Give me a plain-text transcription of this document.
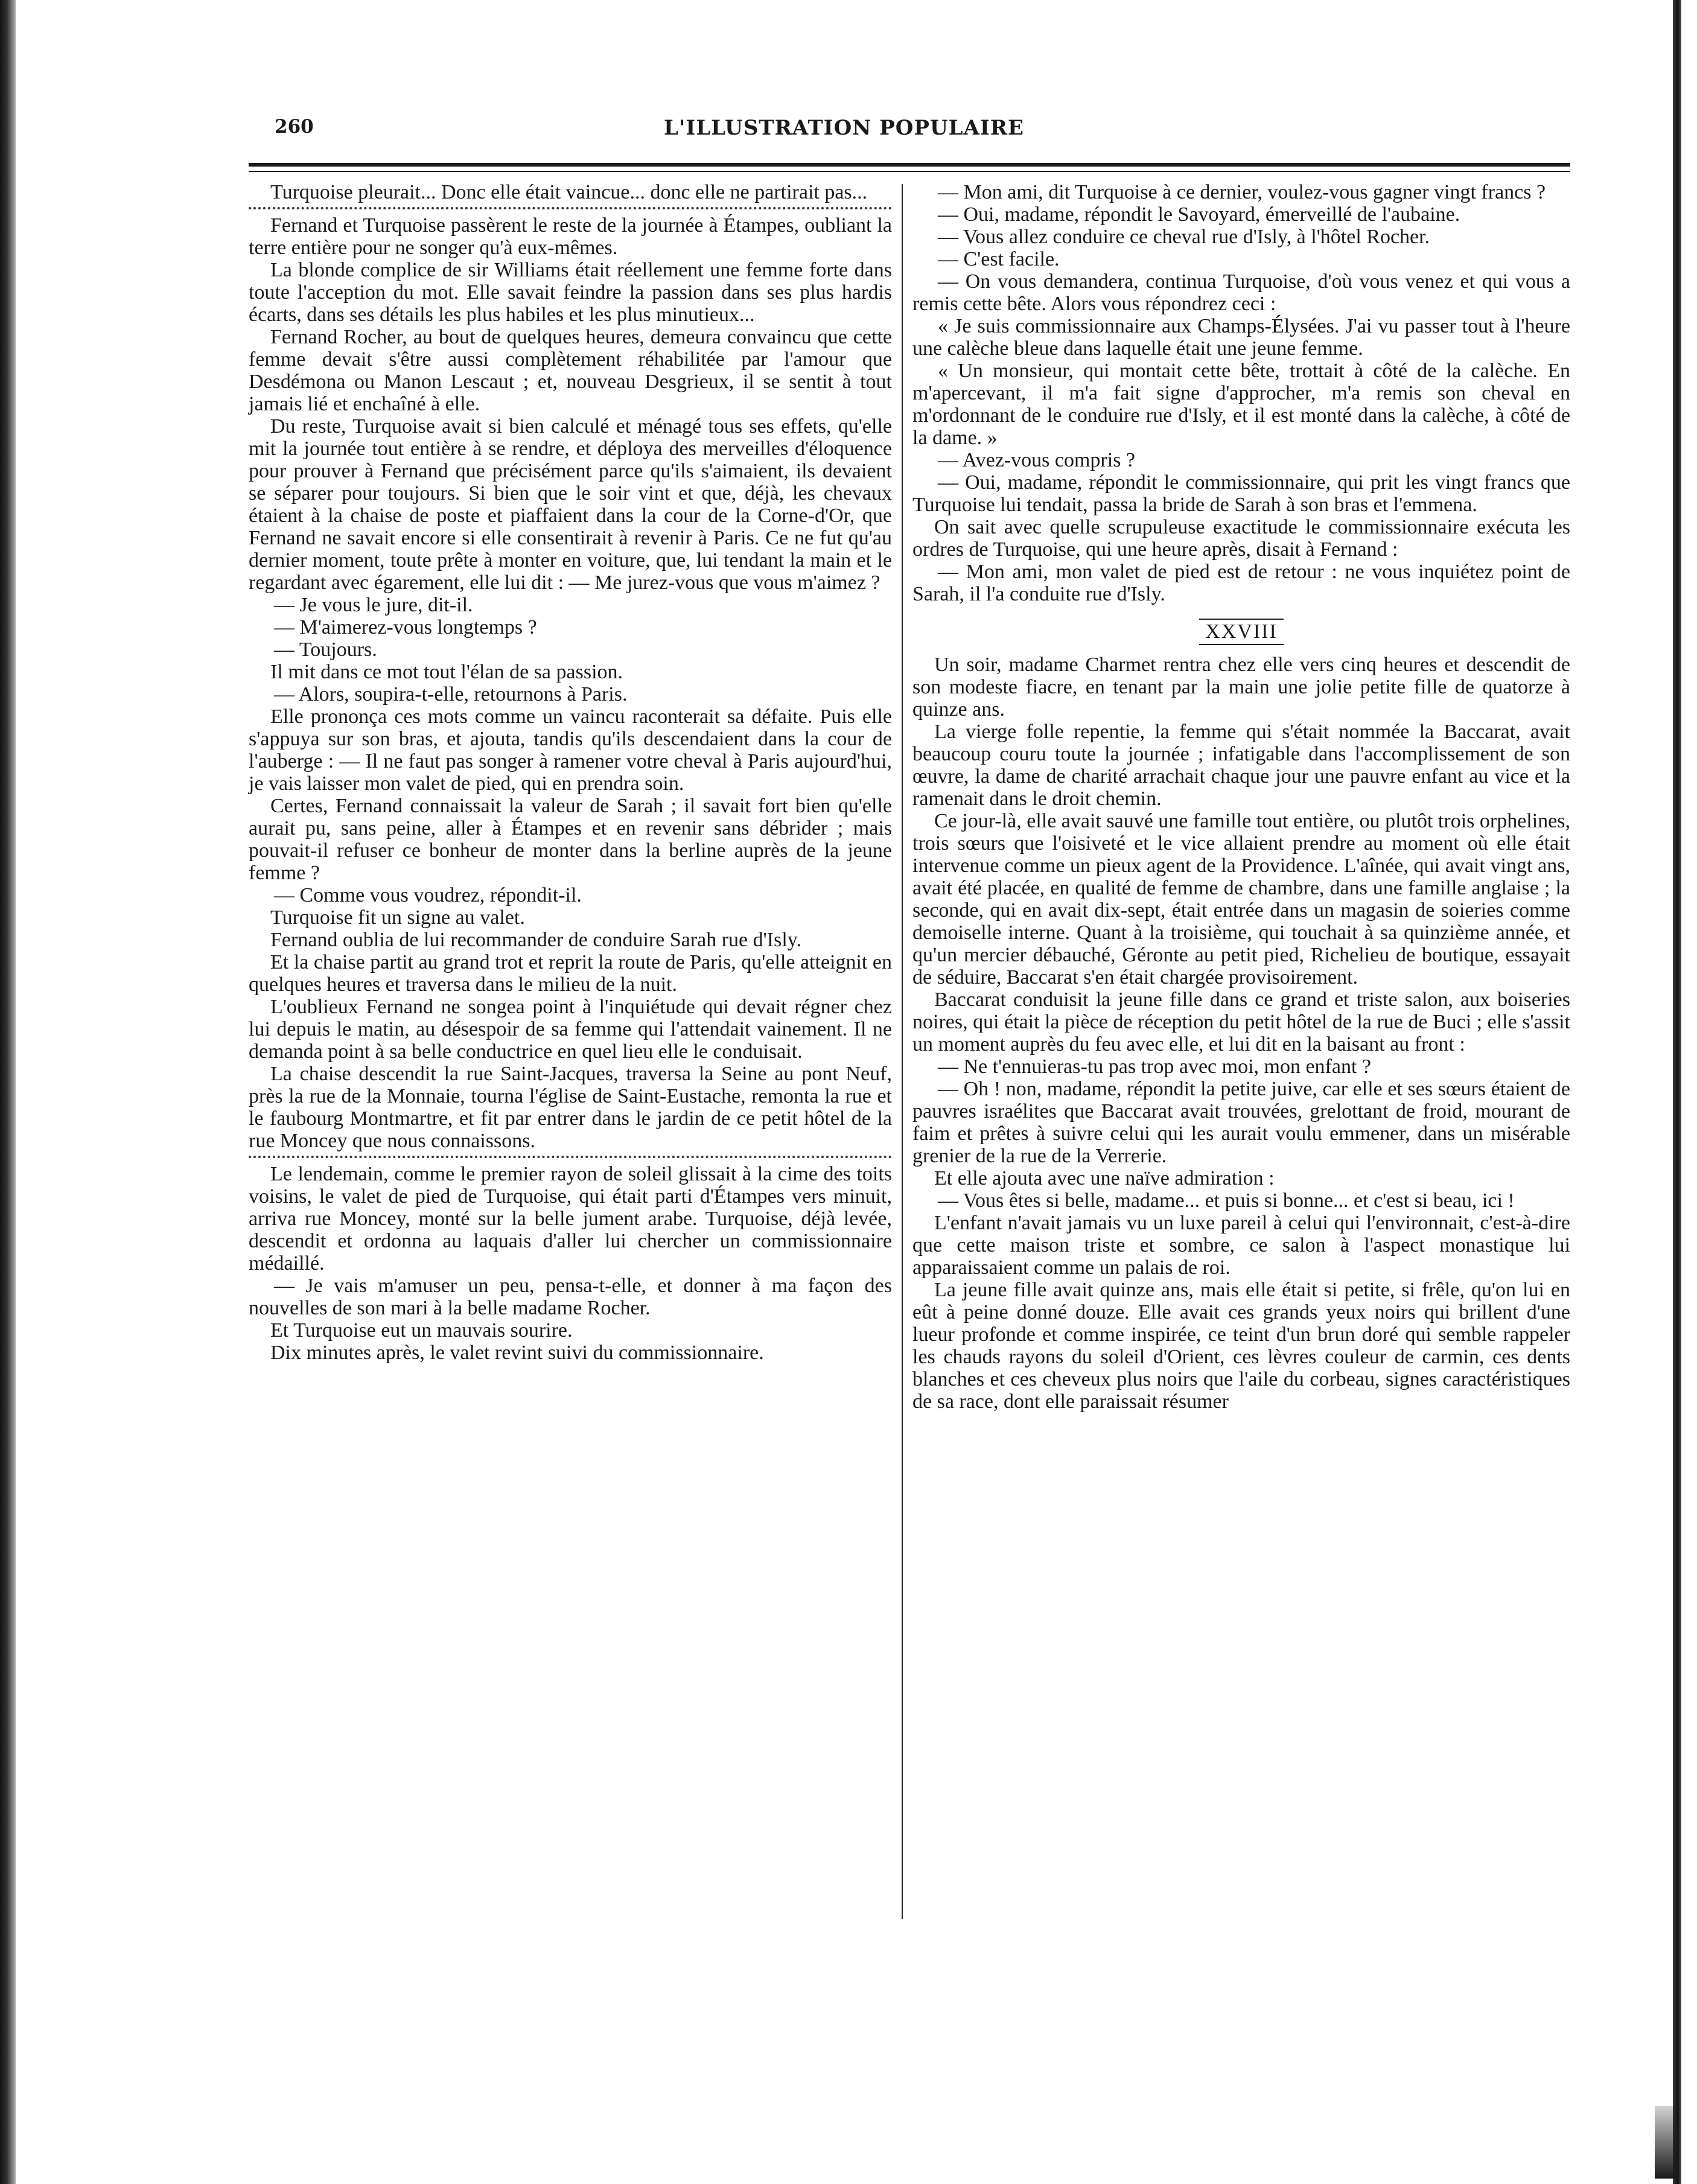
260	L'ILLUSTRATION POPULAIRE

Turquoise pleurait... Donc elle était vaincue... donc elle ne partirait pas...

Fernand et Turquoise passèrent le reste de la journée à Étampes, oubliant la terre entière pour ne songer qu'à eux-mêmes.

La blonde complice de sir Williams était réellement une femme forte dans toute l'acception du mot. Elle savait feindre la passion dans ses plus hardis écarts, dans ses détails les plus habiles et les plus minutieux...

Fernand Rocher, au bout de quelques heures, demeura convaincu que cette femme devait s'être aussi complètement réhabilitée par l'amour que Desdémona ou Manon Lescaut ; et, nouveau Desgrieux, il se sentit à tout jamais lié et enchaîné à elle.

Du reste, Turquoise avait si bien calculé et ménagé tous ses effets, qu'elle mit la journée tout entière à se rendre, et déploya des merveilles d'éloquence pour prouver à Fernand que précisément parce qu'ils s'aimaient, ils devaient se séparer pour toujours. Si bien que le soir vint et que, déjà, les chevaux étaient à la chaise de poste et piaffaient dans la cour de la Corne-d'Or, que Fernand ne savait encore si elle consentirait à revenir à Paris. Ce ne fut qu'au dernier moment, toute prête à monter en voiture, que, lui tendant la main et le regardant avec égarement, elle lui dit : — Me jurez-vous que vous m'aimez ?

— Je vous le jure, dit-il.

— M'aimerez-vous longtemps ?

— Toujours.

Il mit dans ce mot tout l'élan de sa passion.

— Alors, soupira-t-elle, retournons à Paris.

Elle prononça ces mots comme un vaincu raconterait sa défaite. Puis elle s'appuya sur son bras, et ajouta, tandis qu'ils descendaient dans la cour de l'auberge : — Il ne faut pas songer à ramener votre cheval à Paris aujourd'hui, je vais laisser mon valet de pied, qui en prendra soin.

Certes, Fernand connaissait la valeur de Sarah ; il savait fort bien qu'elle aurait pu, sans peine, aller à Étampes et en revenir sans débrider ; mais pouvait-il refuser ce bonheur de monter dans la berline auprès de la jeune femme ?

— Comme vous voudrez, répondit-il.

Turquoise fit un signe au valet.

Fernand oublia de lui recommander de conduire Sarah rue d'Isly.

Et la chaise partit au grand trot et reprit la route de Paris, qu'elle atteignit en quelques heures et traversa dans le milieu de la nuit.

L'oublieux Fernand ne songea point à l'inquiétude qui devait régner chez lui depuis le matin, au désespoir de sa femme qui l'attendait vainement. Il ne demanda point à sa belle conductrice en quel lieu elle le conduisait.

La chaise descendit la rue Saint-Jacques, traversa la Seine au pont Neuf, près la rue de la Monnaie, tourna l'église de Saint-Eustache, remonta la rue et le faubourg Montmartre, et fit par entrer dans le jardin de ce petit hôtel de la rue Moncey que nous connaissons.

Le lendemain, comme le premier rayon de soleil glissait à la cime des toits voisins, le valet de pied de Turquoise, qui était parti d'Étampes vers minuit, arriva rue Moncey, monté sur la belle jument arabe. Turquoise, déjà levée, descendit et ordonna au laquais d'aller lui chercher un commissionnaire médaillé.

— Je vais m'amuser un peu, pensa-t-elle, et donner à ma façon des nouvelles de son mari à la belle madame Rocher.

Et Turquoise eut un mauvais sourire.

Dix minutes après, le valet revint suivi du commissionnaire.

— Mon ami, dit Turquoise à ce dernier, voulez-vous gagner vingt francs ?

— Oui, madame, répondit le Savoyard, émerveillé de l'aubaine.

— Vous allez conduire ce cheval rue d'Isly, à l'hôtel Rocher.

— C'est facile.

— On vous demandera, continua Turquoise, d'où vous venez et qui vous a remis cette bête. Alors vous répondrez ceci :

« Je suis commissionnaire aux Champs-Élysées. J'ai vu passer tout à l'heure une calèche bleue dans laquelle était une jeune femme.

« Un monsieur, qui montait cette bête, trottait à côté de la calèche. En m'apercevant, il m'a fait signe d'approcher, m'a remis son cheval en m'ordonnant de le conduire rue d'Isly, et il est monté dans la calèche, à côté de la dame. »

— Avez-vous compris ?

— Oui, madame, répondit le commissionnaire, qui prit les vingt francs que Turquoise lui tendait, passa la bride de Sarah à son bras et l'emmena.

On sait avec quelle scrupuleuse exactitude le commissionnaire exécuta les ordres de Turquoise, qui une heure après, disait à Fernand :

— Mon ami, mon valet de pied est de retour : ne vous inquiétez point de Sarah, il l'a conduite rue d'Isly.

XXVIII

Un soir, madame Charmet rentra chez elle vers cinq heures et descendit de son modeste fiacre, en tenant par la main une jolie petite fille de quatorze à quinze ans.

La vierge folle repentie, la femme qui s'était nommée la Baccarat, avait beaucoup couru toute la journée ; infatigable dans l'accomplissement de son œuvre, la dame de charité arrachait chaque jour une pauvre enfant au vice et la ramenait dans le droit chemin.

Ce jour-là, elle avait sauvé une famille tout entière, ou plutôt trois orphelines, trois sœurs que l'oisiveté et le vice allaient prendre au moment où elle était intervenue comme un pieux agent de la Providence. L'aînée, qui avait vingt ans, avait été placée, en qualité de femme de chambre, dans une famille anglaise ; la seconde, qui en avait dix-sept, était entrée dans un magasin de soieries comme demoiselle interne. Quant à la troisième, qui touchait à sa quinzième année, et qu'un mercier débauché, Géronte au petit pied, Richelieu de boutique, essayait de séduire, Baccarat s'en était chargée provisoirement.

Baccarat conduisit la jeune fille dans ce grand et triste salon, aux boiseries noires, qui était la pièce de réception du petit hôtel de la rue de Buci ; elle s'assit un moment auprès du feu avec elle, et lui dit en la baisant au front :

— Ne t'ennuieras-tu pas trop avec moi, mon enfant ?

— Oh ! non, madame, répondit la petite juive, car elle et ses sœurs étaient de pauvres israélites que Baccarat avait trouvées, grelottant de froid, mourant de faim et prêtes à suivre celui qui les aurait voulu emmener, dans un misérable grenier de la rue de la Verrerie.

Et elle ajouta avec une naïve admiration :

— Vous êtes si belle, madame... et puis si bonne... et c'est si beau, ici !

L'enfant n'avait jamais vu un luxe pareil à celui qui l'environnait, c'est-à-dire que cette maison triste et sombre, ce salon à l'aspect monastique lui apparaissaient comme un palais de roi.

La jeune fille avait quinze ans, mais elle était si petite, si frêle, qu'on lui en eût à peine donné douze. Elle avait ces grands yeux noirs qui brillent d'une lueur profonde et comme inspirée, ce teint d'un brun doré qui semble rappeler les chauds rayons du soleil d'Orient, ces lèvres couleur de carmin, ces dents blanches et ces cheveux plus noirs que l'aile du corbeau, signes caractéristiques de sa race, dont elle paraissait résumer
